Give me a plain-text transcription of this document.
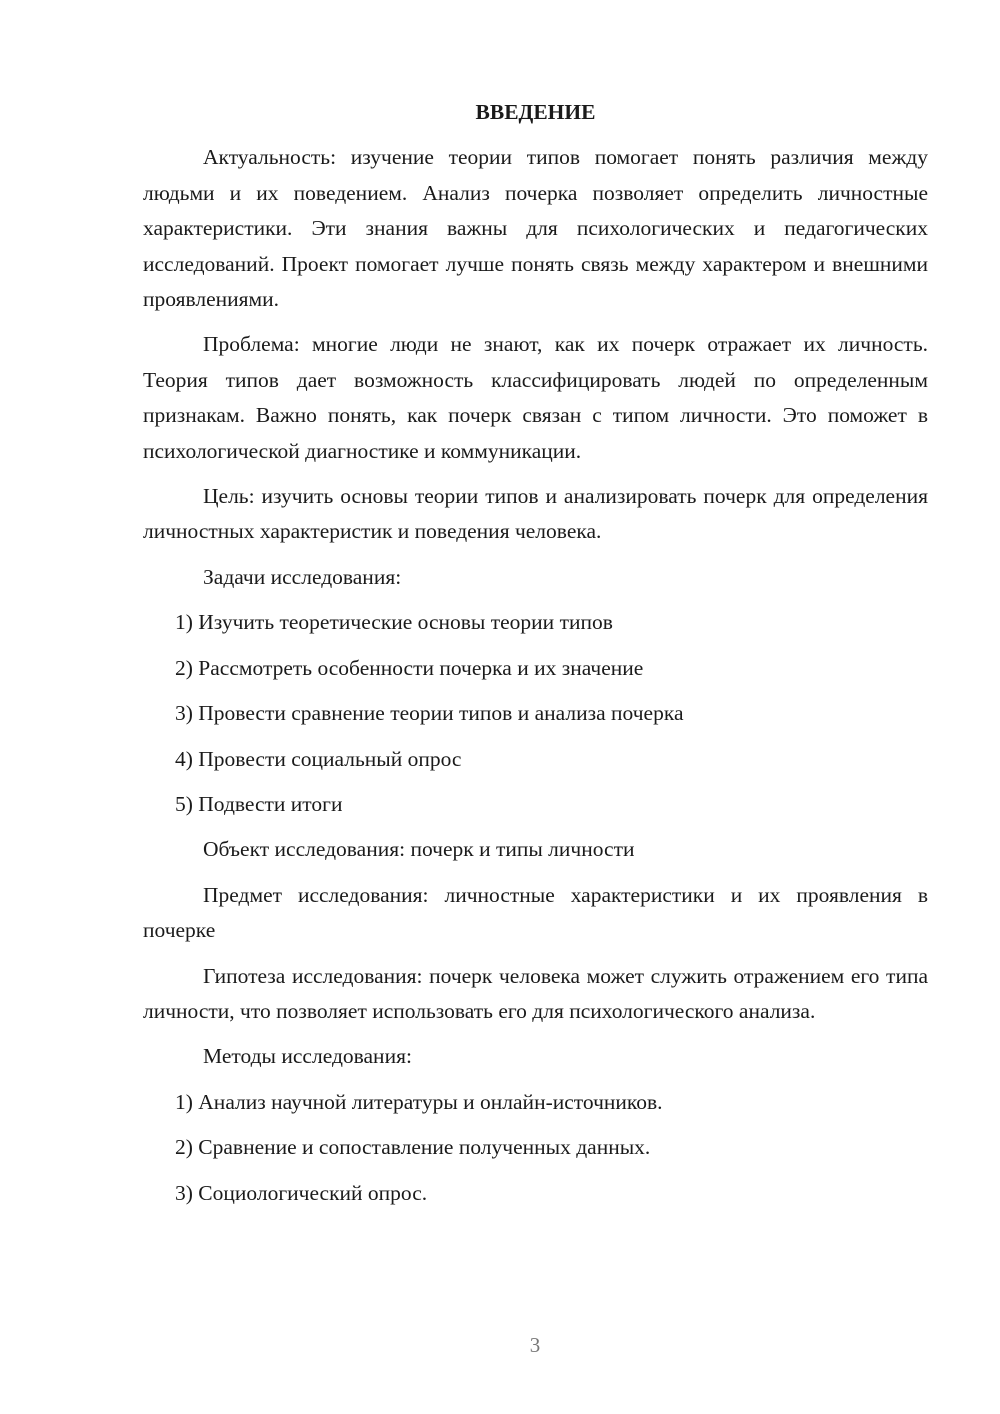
ВВЕДЕНИЕ

Актуальность: изучение теории типов помогает понять различия между людьми и их поведением. Анализ почерка позволяет определить личностные характеристики. Эти знания важны для психологических и педагогических исследований. Проект помогает лучше понять связь между характером и внешними проявлениями.

Проблема: многие люди не знают, как их почерк отражает их личность. Теория типов дает возможность классифицировать людей по определенным признакам. Важно понять, как почерк связан с типом личности. Это поможет в психологической диагностике и коммуникации.

Цель: изучить основы теории типов и анализировать почерк для определения личностных характеристик и поведения человека.

Задачи исследования:

1) Изучить теоретические основы теории типов
2) Рассмотреть особенности почерка и их значение
3) Провести сравнение теории типов и анализа почерка
4) Провести социальный опрос
5) Подвести итоги

Объект исследования: почерк и типы личности

Предмет исследования: личностные характеристики и их проявления в почерке

Гипотеза исследования: почерк человека может служить отражением его типа личности, что позволяет использовать его для психологического анализа.

Методы исследования:

1) Анализ научной литературы и онлайн-источников.
2) Сравнение и сопоставление полученных данных.
3) Социологический опрос.
3
